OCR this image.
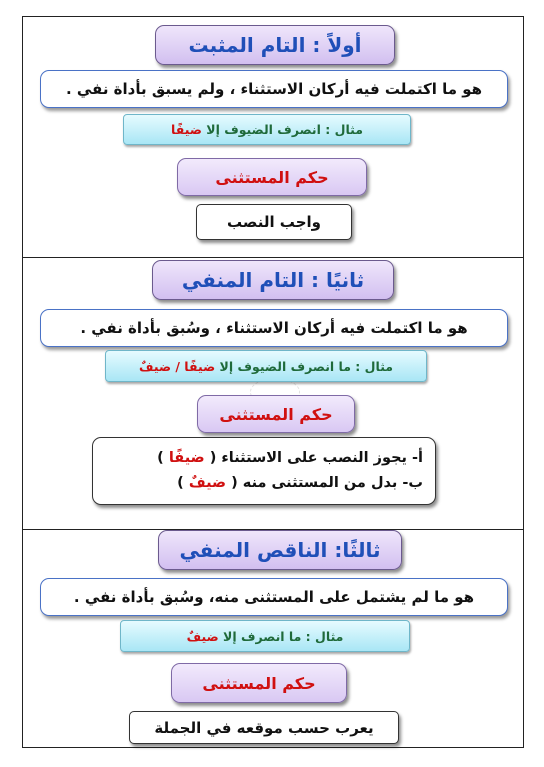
أولاً : التام المثبت
هو ما اكتملت فيه أركان الاستثناء ، ولم يسبق بأداة نفي .
مثال : انصرف الضيوف إلا ضيفًا
حكم المستثنى
واجب النصب
ثانيًا : التام المنفي
هو ما اكتملت فيه أركان الاستثناء ، وسُبق بأداة نفي .
مثال : ما انصرف الضيوف إلا ضيفًا / ضيفٌ
حكم المستثنى
أ- يجوز النصب على الاستثناء ( ضيفًا )
ب- بدل من المستثنى منه ( ضيفٌ )
ثالثًا: الناقص المنفي
هو ما لم يشتمل على المستثنى منه، وسُبق بأداة نفي .
مثال : ما انصرف إلا ضيفٌ
حكم المستثنى
يعرب حسب موقعه في الجملة
